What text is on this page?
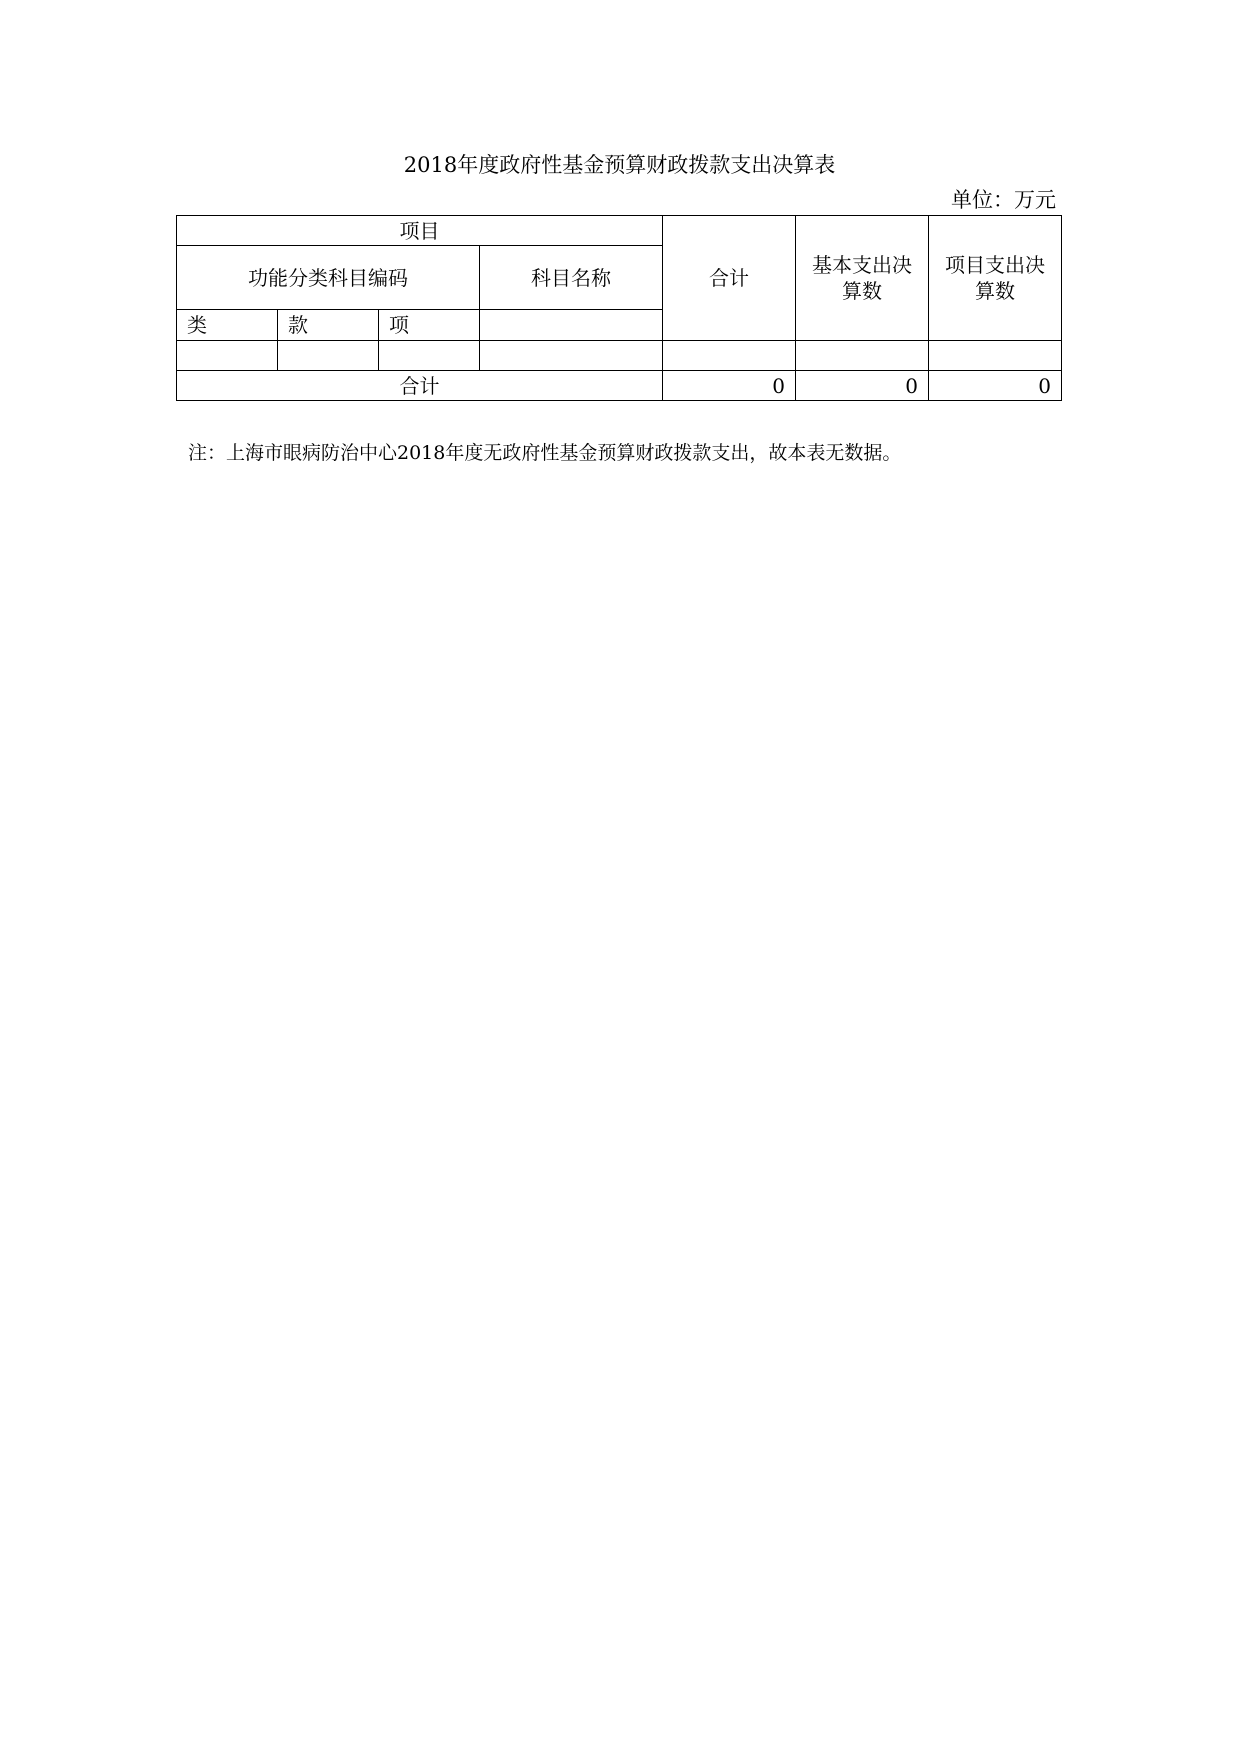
2018年度政府性基金预算财政拨款支出决算表
单位：万元
项目				合计	基本支出决算数	项目支出决算数
功能分类科目编码			科目名称			
类	款	项				

合计				0	0	0
注：上海市眼病防治中心2018年度无政府性基金预算财政拨款支出，故本表无数据。
